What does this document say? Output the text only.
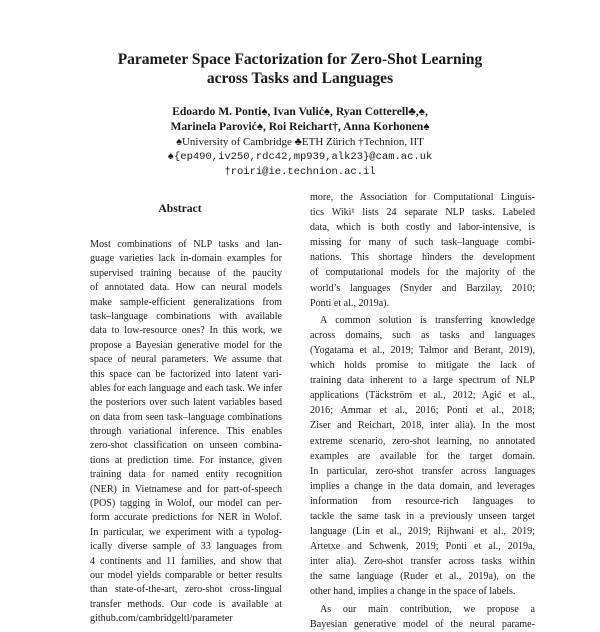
Parameter Space Factorization for Zero-Shot Learning
across Tasks and Languages
Edoardo M. Ponti♠, Ivan Vulić♠, Ryan Cotterell♣,♠,
Marinela Parović♠, Roi Reichart†, Anna Korhonen♠
♠University of Cambridge ♣ETH Zürich †Technion, IIT
♠{ep490,iv250,rdc42,mp939,alk23}@cam.ac.uk
†roiri@ie.technion.ac.il
Abstract
Most combinations of NLP tasks and lan-
guage varieties lack in-domain examples for
supervised training because of the paucity
of annotated data. How can neural models
make sample-efficient generalizations from
task–language combinations with available
data to low-resource ones? In this work, we
propose a Bayesian generative model for the
space of neural parameters. We assume that
this space can be factorized into latent vari-
ables for each language and each task. We infer
the posteriors over such latent variables based
on data from seen task–language combinations
through variational inference. This enables
zero-shot classification on unseen combina-
tions at prediction time. For instance, given
training data for named entity recognition
(NER) in Vietnamese and for part-of-speech
(POS) tagging in Wolof, our model can per-
form accurate predictions for NER in Wolof.
In particular, we experiment with a typolog-
ically diverse sample of 33 languages from
4 continents and 11 families, and show that
our model yields comparable or better results
than state-of-the-art, zero-shot cross-lingual
transfer methods. Our code is available at
github.com/cambridgeltl/parameter
more, the Association for Computational Linguis-
tics Wiki¹ lists 24 separate NLP tasks. Labeled
data, which is both costly and labor-intensive, is
missing for many of such task–language combi-
nations. This shortage hinders the development
of computational models for the majority of the
world’s languages (Snyder and Barzilay, 2010;
Ponti et al., 2019a).
A common solution is transferring knowledge
across domains, such as tasks and languages
(Yogatama et al., 2019; Talmor and Berant, 2019),
which holds promise to mitigate the lack of
training data inherent to a large spectrum of NLP
applications (Täckström et al., 2012; Agić et al.,
2016; Ammar et al., 2016; Ponti et al., 2018;
Ziser and Reichart, 2018, inter alia). In the most
extreme scenario, zero-shot learning, no annotated
examples are available for the target domain.
In particular, zero-shot transfer across languages
implies a change in the data domain, and leverages
information from resource-rich languages to
tackle the same task in a previously unseen target
language (Lin et al., 2019; Rijhwani et al., 2019;
Artetxe and Schwenk, 2019; Ponti et al., 2019a,
inter alia). Zero-shot transfer across tasks within
the same language (Ruder et al., 2019a), on the
other hand, implies a change in the space of labels.
As our main contribution, we propose a
Bayesian generative model of the neural parame-
